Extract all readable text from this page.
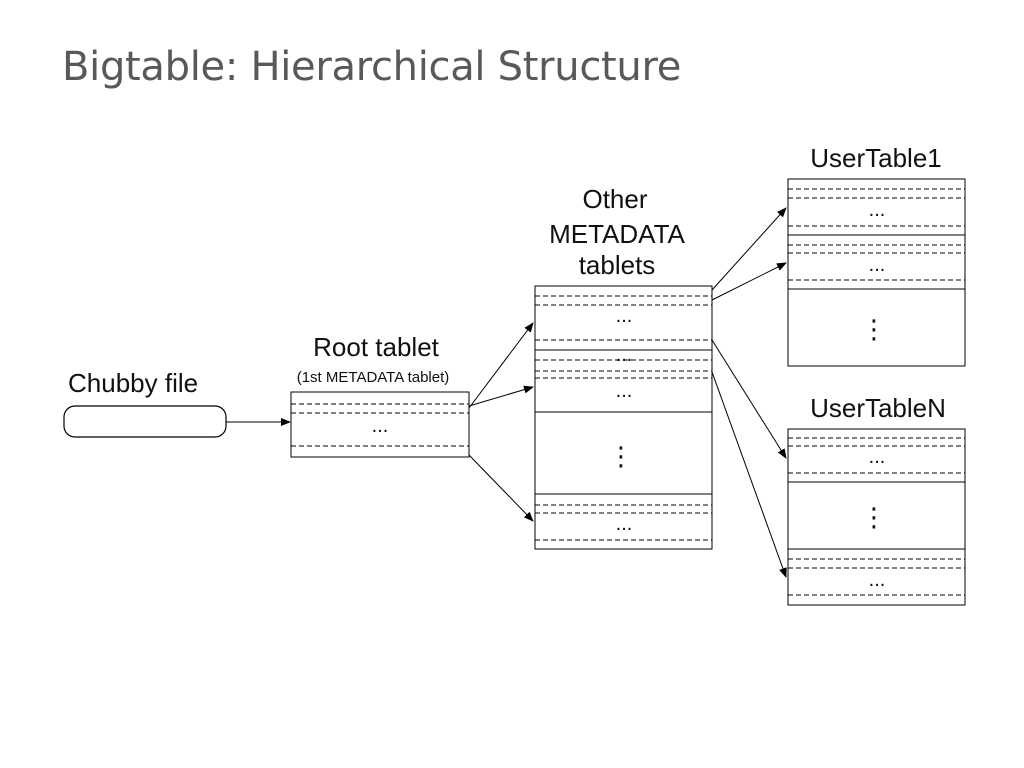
Bigtable: Hierarchical Structure
Chubby file
Root tablet
(1st METADATA tablet)
...
Other
METADATA
tablets
...
...
...
⋮
...
UserTable1
...
...
⋮
UserTableN
...
⋮
...
